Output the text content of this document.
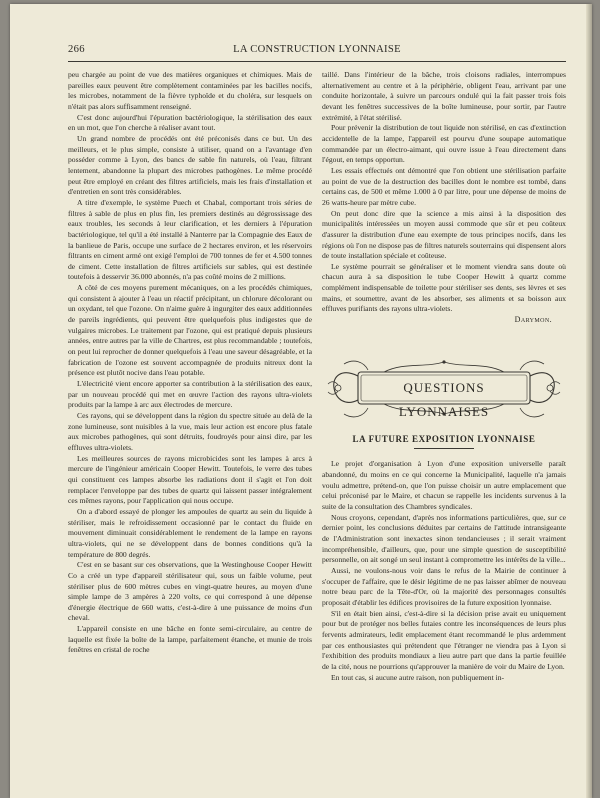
266	LA CONSTRUCTION LYONNAISE

peu chargée au point de vue des matières organiques et chimiques. Mais de pareilles eaux peuvent être complètement contaminées par les bacilles nocifs, les microbes, notamment de la fièvre typhoïde et du choléra, sur lesquels on n'était pas alors suffisamment renseigné.

C'est donc aujourd'hui l'épuration bactériologique, la stérilisation des eaux en un mot, que l'on cherche à réaliser avant tout.

Un grand nombre de procédés ont été préconisés dans ce but. Un des meilleurs, et le plus simple, consiste à utiliser, quand on a l'avantage d'en posséder comme à Lyon, des bancs de sable fin naturels, où l'eau, filtrant lentement, abandonne la plupart des microbes pathogènes. Le même procédé peut être employé en créant des filtres artificiels, mais les frais d'installation et d'entretien en sont très considérables.

A titre d'exemple, le système Puech et Chabal, comportant trois séries de filtres à sable de plus en plus fin, les premiers destinés au dégrossissage des eaux troubles, les seconds à leur clarification, et les derniers à l'épuration bactériologique, tel qu'il a été installé à Nanterre par la Compagnie des Eaux de la banlieue de Paris, occupe une surface de 2 hectares environ, et les réservoirs filtrants en ciment armé ont exigé l'emploi de 700 tonnes de fer et 4.500 tonnes de ciment. Cette installation de filtres artificiels sur sables, qui est destinée toutefois à desservir 36.000 abonnés, n'a pas coûté moins de 2 millions.

A côté de ces moyens purement mécaniques, on a les procédés chimiques, qui consistent à ajouter à l'eau un réactif précipitant, un chlorure décolorant ou un oxydant, tel que l'ozone. On n'aime guère à ingurgiter des eaux additionnées de pareils ingrédients, qui peuvent être quelquefois plus indigestes que de vulgaires microbes. Le traitement par l'ozone, qui est pratiqué depuis plusieurs années, entre autres par la ville de Chartres, est plus recommandable ; toutefois, on peut lui reprocher de donner quelquefois à l'eau une saveur désagréable, et la fabrication de l'ozone est souvent accompagnée de produits nitreux dont la présence est plutôt nocive dans l'eau potable.

L'électricité vient encore apporter sa contribution à la stérilisation des eaux, par un nouveau procédé qui met en œuvre l'action des rayons ultra-violets produits par la lampe à arc aux électrodes de mercure.

Ces rayons, qui se développent dans la région du spectre située au delà de la zone lumineuse, sont nuisibles à la vue, mais leur action est encore plus fatale aux microbes pathogènes, qui sont détruits, foudroyés pour ainsi dire, par les effluves ultra-violets.

Les meilleures sources de rayons microbicides sont les lampes à arcs à mercure de l'ingénieur américain Cooper Hewitt. Toutefois, le verre des tubes qui constituent ces lampes absorbe les radiations dont il s'agit et l'on doit remplacer l'enveloppe par des tubes de quartz qui laissent passer intégralement ces mêmes rayons, pour l'application qui nous occupe.

On a d'abord essayé de plonger les ampoules de quartz au sein du liquide à stériliser, mais le refroidissement occasionné par le contact du fluide en mouvement diminuait considérablement le rendement de la lampe en rayons ultra-violets, qui ne se développent dans de bonnes conditions qu'à la température de 800 degrés.

C'est en se basant sur ces observations, que la Westinghouse Cooper Hewitt Co a créé un type d'appareil stérilisateur qui, sous un faible volume, peut stériliser plus de 600 mètres cubes en vingt-quatre heures, au moyen d'une simple lampe de 3 ampères à 220 volts, ce qui correspond à une dépense d'énergie électrique de 660 watts, c'est-à-dire à une puissance de moins d'un cheval.

L'appareil consiste en une bâche en fonte semi-circulaire, au centre de laquelle est fixée la boîte de la lampe, parfaitement étanche, et munie de trois fenêtres en cristal de roche

taillé. Dans l'intérieur de la bâche, trois cloisons radiales, interrompues alternativement au centre et à la périphérie, obligent l'eau, arrivant par une conduite horizontale, à suivre un parcours ondulé qui la fait passer trois fois devant les fenêtres successives de la boîte lumineuse, pour sortir, par l'autre extrémité, à l'état stérilisé.

Pour prévenir la distribution de tout liquide non stérilisé, en cas d'extinction accidentelle de la lampe, l'appareil est pourvu d'une soupape automatique commandée par un électro-aimant, qui ouvre issue à l'eau directement dans l'égout, en temps opportun.

Les essais effectués ont démontré que l'on obtient une stérilisation parfaite au point de vue de la destruction des bacilles dont le nombre est tombé, dans certains cas, de 500 et même 1.000 à 0 par litre, pour une dépense de moins de 26 watts-heure par mètre cube.

On peut donc dire que la science a mis ainsi à la disposition des municipalités intéressées un moyen aussi commode que sûr et peu coûteux d'assurer la distribution d'une eau exempte de tous principes nocifs, dans les régions où l'on ne dispose pas de filtres naturels souterrains qui dispensent alors de toute installation spéciale et coûteuse.

Le système pourrait se généraliser et le moment viendra sans doute où chacun aura à sa disposition le tube Cooper Hewitt à quartz comme complément indispensable de toilette pour stériliser ses dents, ses lèvres et ses mains, et soumettre, avant de les absorber, ses aliments et sa boisson aux effluves purifiants des rayons ultra-violets.

Darymon.

QUESTIONS LYONNAISES
LA FUTURE EXPOSITION LYONNAISE

Le projet d'organisation à Lyon d'une exposition universelle paraît abandonné, du moins en ce qui concerne la Municipalité, laquelle n'a jamais voulu admettre, prétend-on, que l'on puisse choisir un autre emplacement que celui préconisé par le Maire, et chacun se rappelle les incidents survenus à la suite de la consultation des Chambres syndicales.

Nous croyons, cependant, d'après nos informations particulières, que, sur ce dernier point, les conclusions déduites par certains de l'attitude intransigeante de l'Administration sont inexactes sinon tendancieuses ; il serait vraiment incompréhensible, d'ailleurs, que, pour une simple question de susceptibilité personnelle, on ait songé un seul instant à compromettre les intérêts de la ville...

Aussi, ne voulons-nous voir dans le refus de la Mairie de continuer à s'occuper de l'affaire, que le désir légitime de ne pas laisser abîmer de nouveau notre beau parc de la Tête-d'Or, où la majorité des personnages consultés proposait d'établir les édifices provisoires de la future exposition lyonnaise.

S'il en était bien ainsi, c'est-à-dire si la décision prise avait eu uniquement pour but de protéger nos belles futaies contre les inconséquences de leurs plus fervents admirateurs, ledit emplacement étant recommandé le plus ardemment par ces enthousiastes qui prétendent que l'étranger ne viendra pas à Lyon si l'exhibition des produits mondiaux a lieu autre part que dans la partie feuillée de la cité, nous ne pourrions qu'approuver la manière de voir du Maire de Lyon.

En tout cas, si aucune autre raison, non publiquement in-
